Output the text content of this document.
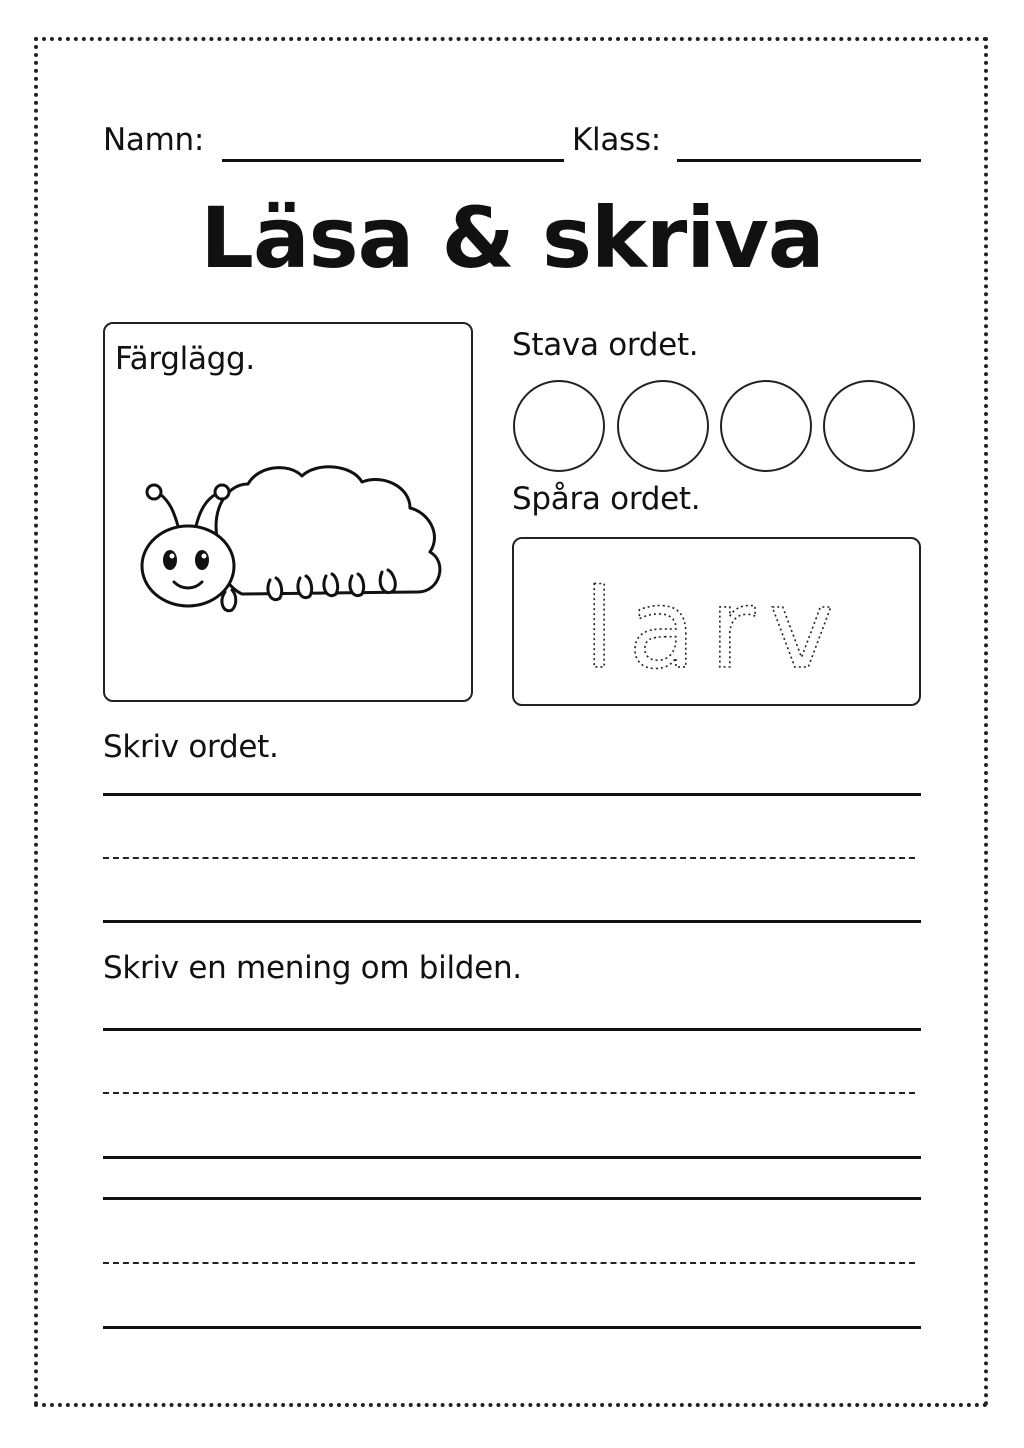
Namn:	Klass:
Läsa & skriva
Färglägg.	Stava ordet.
Spåra ordet.
larv
Skriv ordet.
Skriv en mening om bilden.
